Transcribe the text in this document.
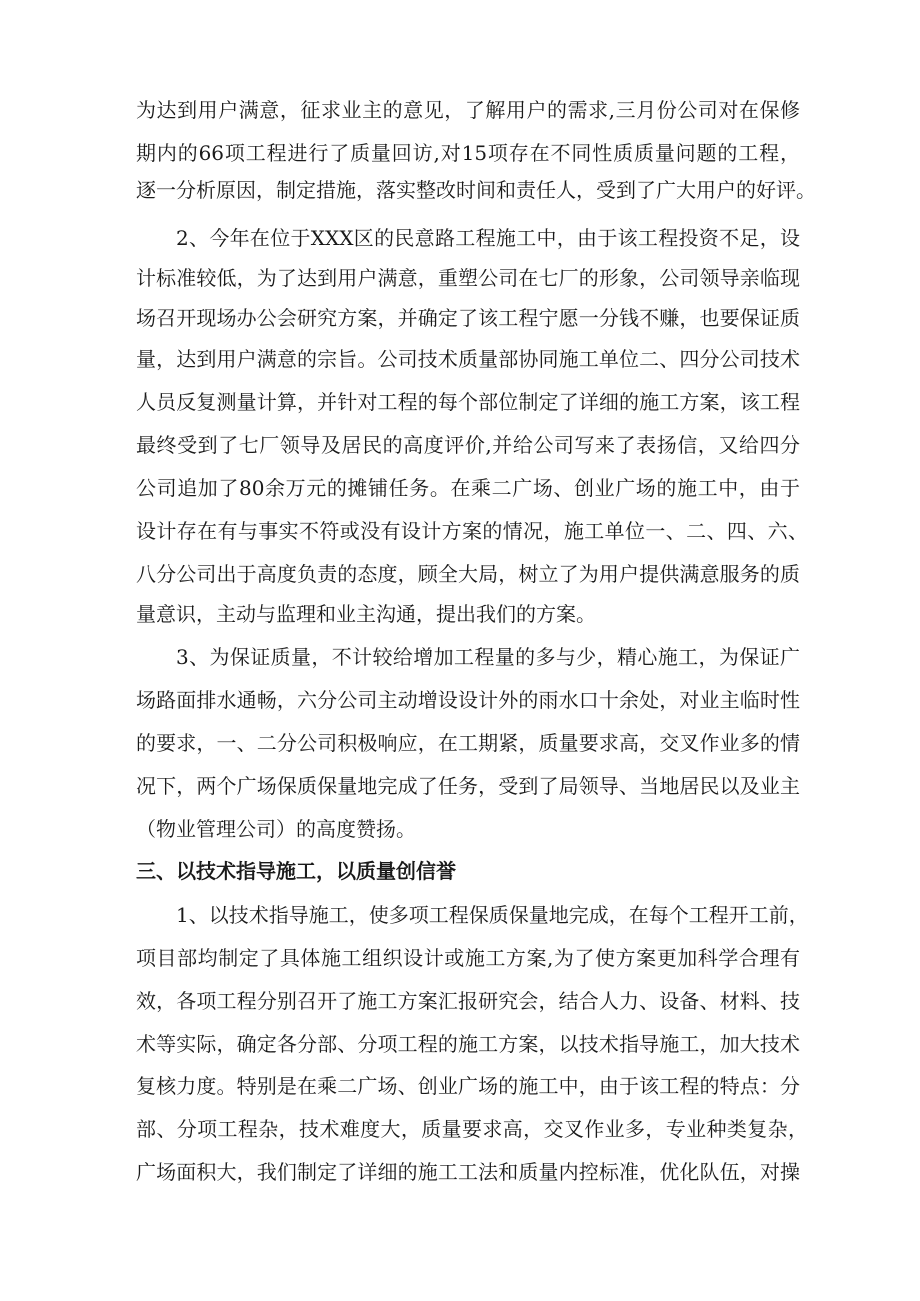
为达到用户满意，征求业主的意见，了解用户的需求,三月份公司对在保修
期内的66项工程进行了质量回访,对15项存在不同性质质量问题的工程，
逐一分析原因，制定措施，落实整改时间和责任人，受到了广大用户的好评。
2、今年在位于XXX区的民意路工程施工中，由于该工程投资不足，设
计标准较低，为了达到用户满意，重塑公司在七厂的形象，公司领导亲临现
场召开现场办公会研究方案，并确定了该工程宁愿一分钱不赚，也要保证质
量，达到用户满意的宗旨。公司技术质量部协同施工单位二、四分公司技术
人员反复测量计算，并针对工程的每个部位制定了详细的施工方案，该工程
最终受到了七厂领导及居民的高度评价,并给公司写来了表扬信，又给四分
公司追加了80余万元的摊铺任务。在乘二广场、创业广场的施工中，由于
设计存在有与事实不符或没有设计方案的情况，施工单位一、二、四、六、
八分公司出于高度负责的态度，顾全大局，树立了为用户提供满意服务的质
量意识，主动与监理和业主沟通，提出我们的方案。
3、为保证质量，不计较给增加工程量的多与少，精心施工，为保证广
场路面排水通畅，六分公司主动增设设计外的雨水口十余处，对业主临时性
的要求，一、二分公司积极响应，在工期紧，质量要求高，交叉作业多的情
况下，两个广场保质保量地完成了任务，受到了局领导、当地居民以及业主
（物业管理公司）的高度赞扬。
三、以技术指导施工，以质量创信誉
1、以技术指导施工，使多项工程保质保量地完成，在每个工程开工前，
项目部均制定了具体施工组织设计或施工方案,为了使方案更加科学合理有
效，各项工程分别召开了施工方案汇报研究会，结合人力、设备、材料、技
术等实际，确定各分部、分项工程的施工方案，以技术指导施工，加大技术
复核力度。特别是在乘二广场、创业广场的施工中，由于该工程的特点：分
部、分项工程杂，技术难度大，质量要求高，交叉作业多，专业种类复杂，
广场面积大，我们制定了详细的施工工法和质量内控标准，优化队伍，对操
